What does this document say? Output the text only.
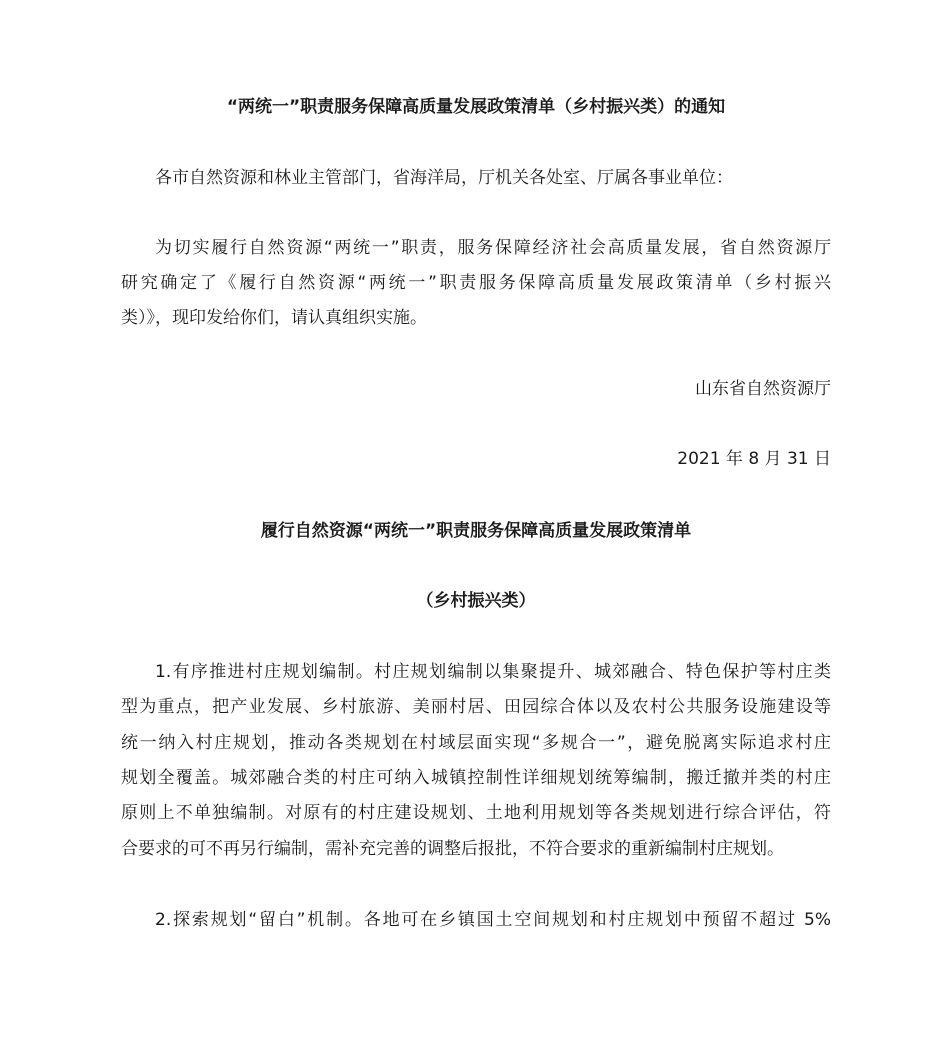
“两统一”职责服务保障高质量发展政策清单（乡村振兴类）的通知

各市自然资源和林业主管部门，省海洋局，厅机关各处室、厅属各事业单位：

为切实履行自然资源“两统一”职责，服务保障经济社会高质量发展，省自然资源厅

研究确定了《履行自然资源“两统一”职责服务保障高质量发展政策清单（乡村振兴

类）》，现印发给你们，请认真组织实施。

山东省自然资源厅

2021 年 8 月 31 日

履行自然资源“两统一”职责服务保障高质量发展政策清单

（乡村振兴类）

1.有序推进村庄规划编制。村庄规划编制以集聚提升、城郊融合、特色保护等村庄类

型为重点，把产业发展、乡村旅游、美丽村居、田园综合体以及农村公共服务设施建设等

统一纳入村庄规划，推动各类规划在村域层面实现“多规合一”，避免脱离实际追求村庄

规划全覆盖。城郊融合类的村庄可纳入城镇控制性详细规划统筹编制，搬迁撤并类的村庄

原则上不单独编制。对原有的村庄建设规划、土地利用规划等各类规划进行综合评估，符

合要求的可不再另行编制，需补充完善的调整后报批，不符合要求的重新编制村庄规划。

2.探索规划“留白”机制。各地可在乡镇国土空间规划和村庄规划中预留不超过 5%
